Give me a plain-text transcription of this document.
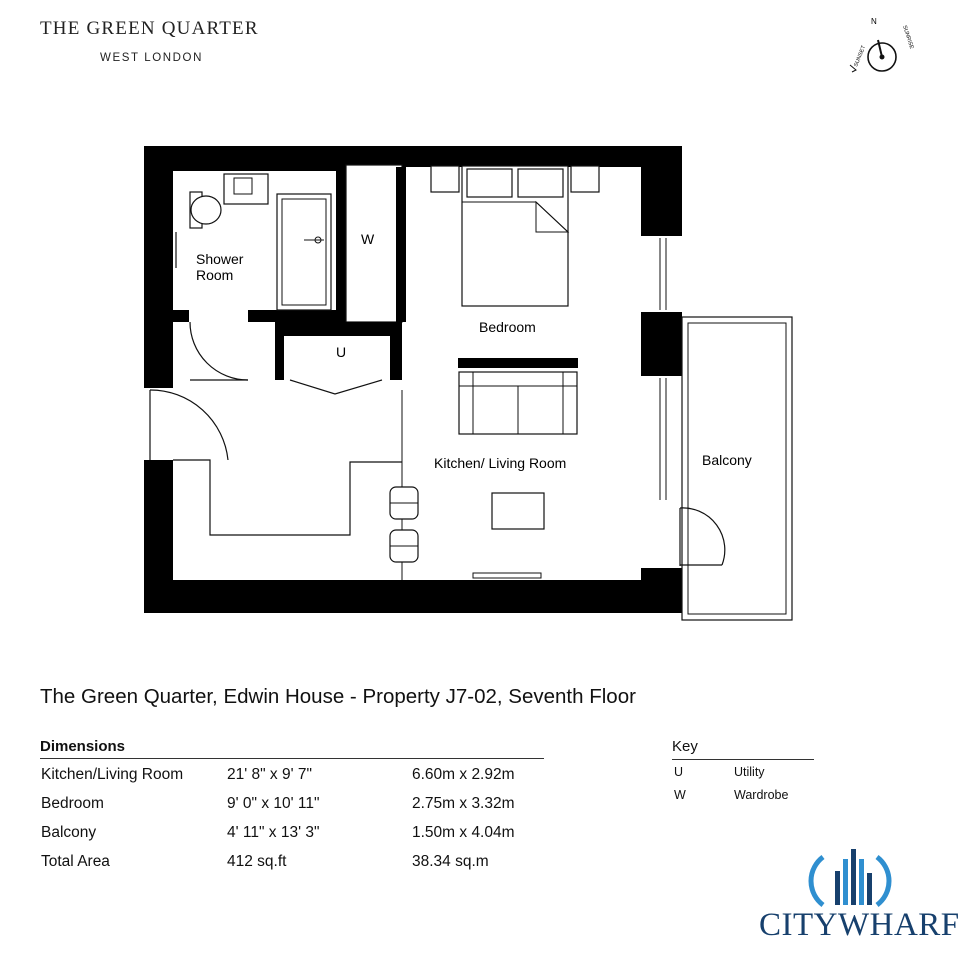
THE GREEN QUARTER
WEST LONDON
N
SUNSET
SUNRISE
Shower
Room
W
U
Bedroom
Kitchen/ Living Room	Balcony
The Green Quarter, Edwin House - Property J7-02, Seventh Floor
Dimensions
Kitchen/Living Room	21' 8" x 9' 7"	6.60m x 2.92m
Bedroom	9' 0" x 10' 11"	2.75m x 3.32m
Balcony	4' 11" x 13' 3"	1.50m x 4.04m
Total Area	412 sq.ft	38.34 sq.m
Key
U	Utility
W	Wardrobe
CITYWHARF
